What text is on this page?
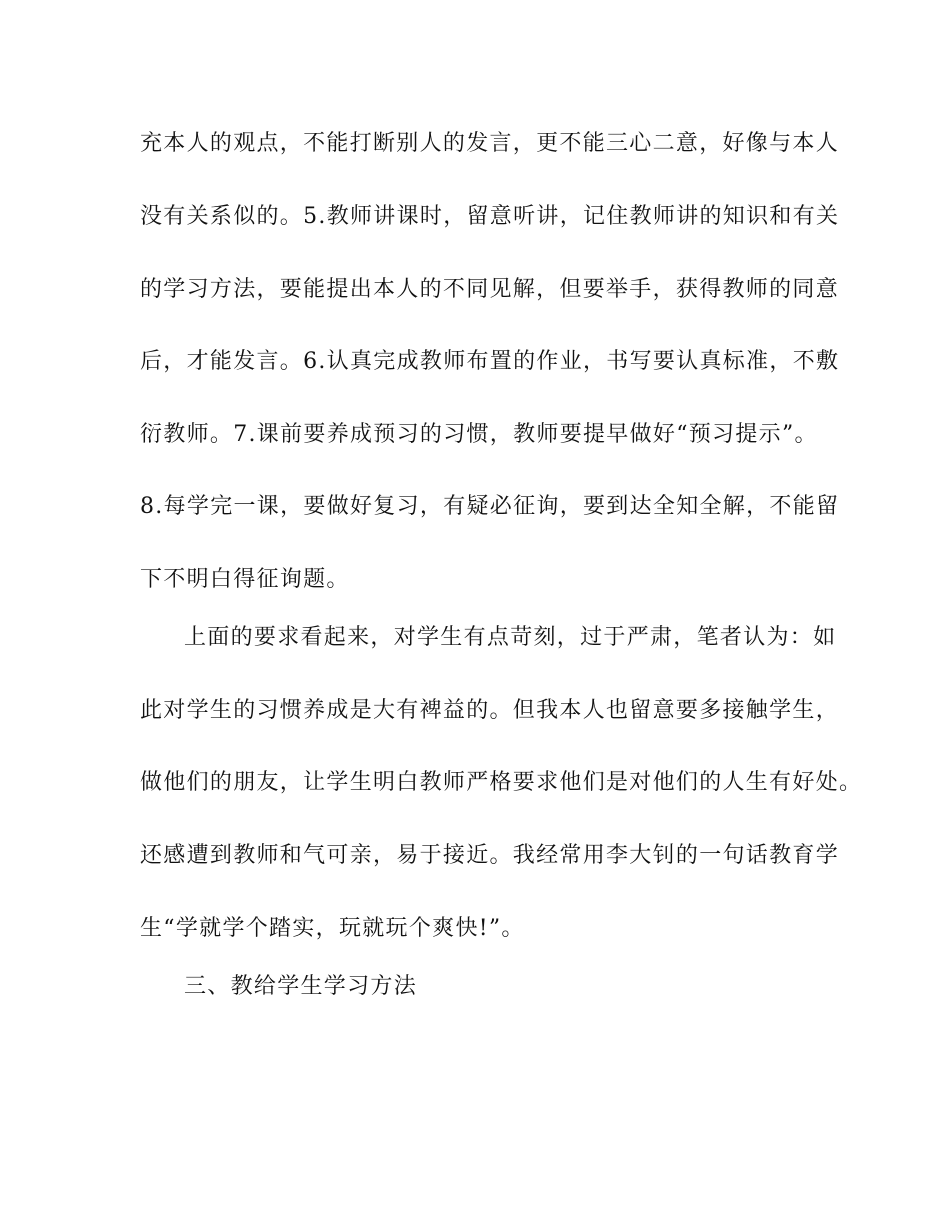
充本人的观点，不能打断别人的发言，更不能三心二意，好像与本人
没有关系似的。5.教师讲课时，留意听讲，记住教师讲的知识和有关
的学习方法，要能提出本人的不同见解，但要举手，获得教师的同意
后，才能发言。6.认真完成教师布置的作业，书写要认真标准，不敷
衍教师。7.课前要养成预习的习惯，教师要提早做好“预习提示”。
8.每学完一课，要做好复习，有疑必征询，要到达全知全解，不能留
下不明白得征询题。
上面的要求看起来，对学生有点苛刻，过于严肃，笔者认为：如
此对学生的习惯养成是大有裨益的。但我本人也留意要多接触学生，
做他们的朋友，让学生明白教师严格要求他们是对他们的人生有好处。
还感遭到教师和气可亲，易于接近。我经常用李大钊的一句话教育学
生“学就学个踏实，玩就玩个爽快!”。
三、教给学生学习方法
